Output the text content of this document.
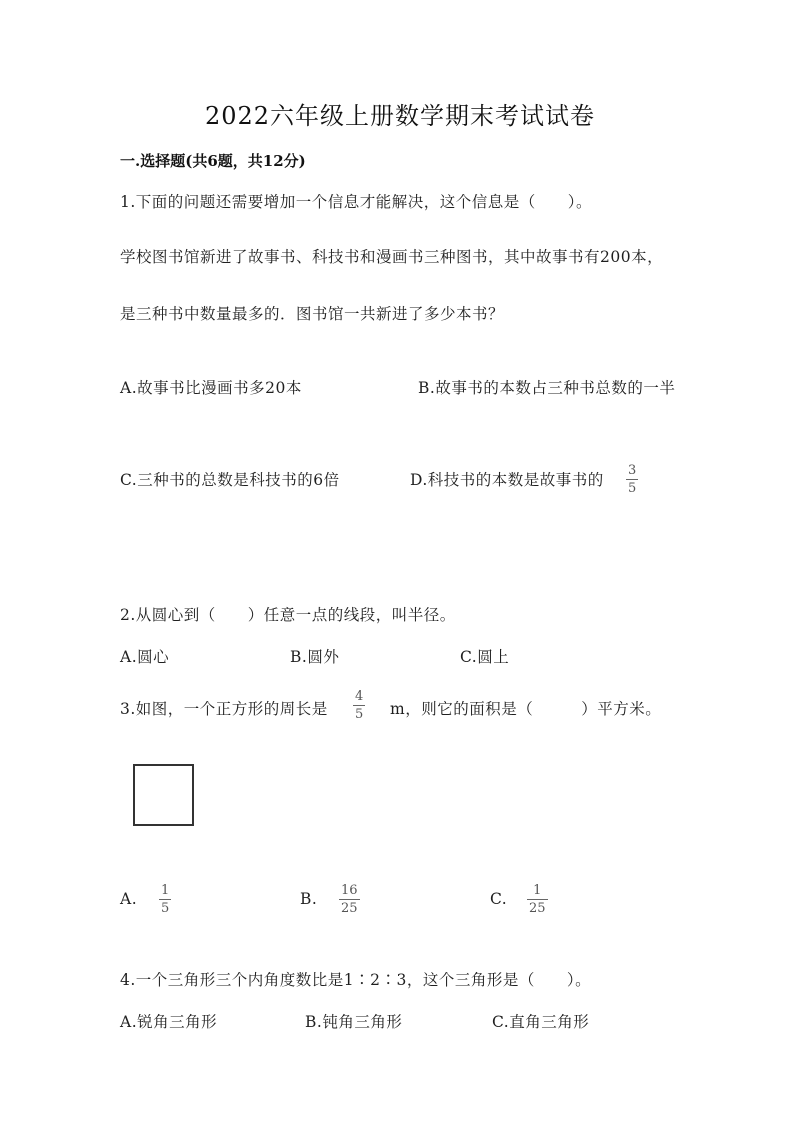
2022六年级上册数学期末考试试卷
一.选择题(共6题，共12分)
1.下面的问题还需要增加一个信息才能解决，这个信息是（　　）。
学校图书馆新进了故事书、科技书和漫画书三种图书，其中故事书有200本，
是三种书中数量最多的．图书馆一共新进了多少本书？
A.故事书比漫画书多20本	B.故事书的本数占三种书总数的一半
C.三种书的总数是科技书的6倍	D.科技书的本数是故事书的
3
5
2.从圆心到（　　）任意一点的线段，叫半径。
A.圆心	B.圆外	C.圆上
3.如图，一个正方形的周长是
4
5 m，则它的面积是（　　　）平方米。
A. 1
5
B. 16
25
C. 1
25
4.一个三角形三个内角度数比是1∶2∶3，这个三角形是（　　）。
A.锐角三角形	B.钝角三角形	C.直角三角形
